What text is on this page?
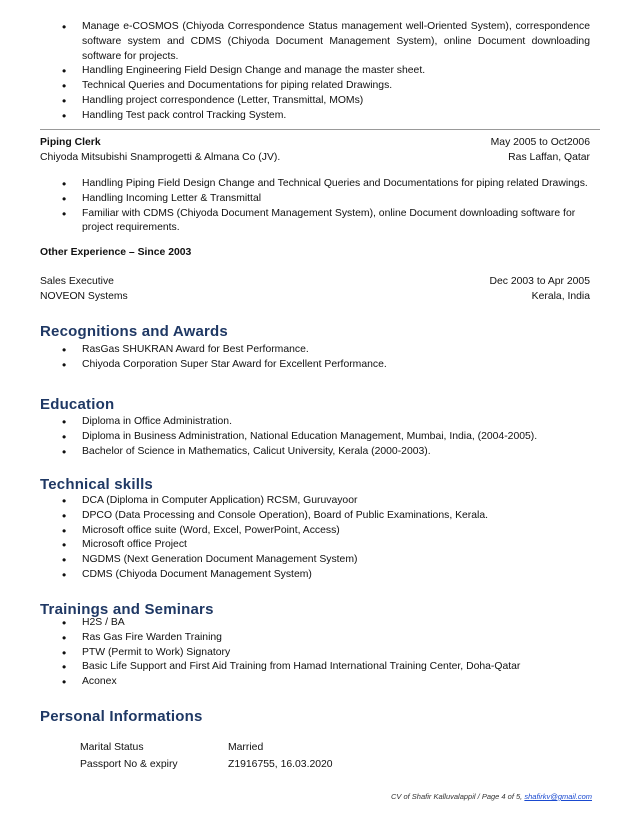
• Manage e-COSMOS (Chiyoda Correspondence Status management well-Oriented System), correspondence software system and CDMS (Chiyoda Document Management System), online Document downloading software for projects.
• Handling Engineering Field Design Change and manage the master sheet.
• Technical Queries and Documentations for piping related Drawings.
• Handling project correspondence (Letter, Transmittal, MOMs)
• Handling Test pack control Tracking System.
Piping Clerk	May 2005 to Oct2006
Chiyoda Mitsubishi Snamprogetti & Almana Co (JV).	Ras Laffan, Qatar
• Handling Piping Field Design Change and Technical Queries and Documentations for piping related Drawings.
• Handling Incoming Letter & Transmittal
• Familiar with CDMS (Chiyoda Document Management System), online Document downloading software for project requirements.
Other Experience – Since 2003
Sales Executive	Dec 2003 to Apr 2005
NOVEON Systems	Kerala, India
Recognitions and Awards
• RasGas SHUKRAN Award for Best Performance.
• Chiyoda Corporation Super Star Award for Excellent Performance.
Education
• Diploma in Office Administration.
• Diploma in Business Administration, National Education Management, Mumbai, India, (2004-2005).
• Bachelor of Science in Mathematics, Calicut University, Kerala (2000-2003).
Technical skills
• DCA (Diploma in Computer Application) RCSM, Guruvayoor
• DPCO (Data Processing and Console Operation), Board of Public Examinations, Kerala.
• Microsoft office suite (Word, Excel, PowerPoint, Access)
• Microsoft office Project
• NGDMS (Next Generation Document Management System)
• CDMS (Chiyoda Document Management System)
Trainings and Seminars
• H2S / BA
• Ras Gas Fire Warden Training
• PTW (Permit to Work) Signatory
• Basic Life Support and First Aid Training from Hamad International Training Center, Doha-Qatar
• Aconex
Personal Informations
Marital Status	Married
Passport No & expiry	Z1916755, 16.03.2020
CV of Shafir Kalluvalappil / Page 4 of 5, shafirkv@gmail.com
